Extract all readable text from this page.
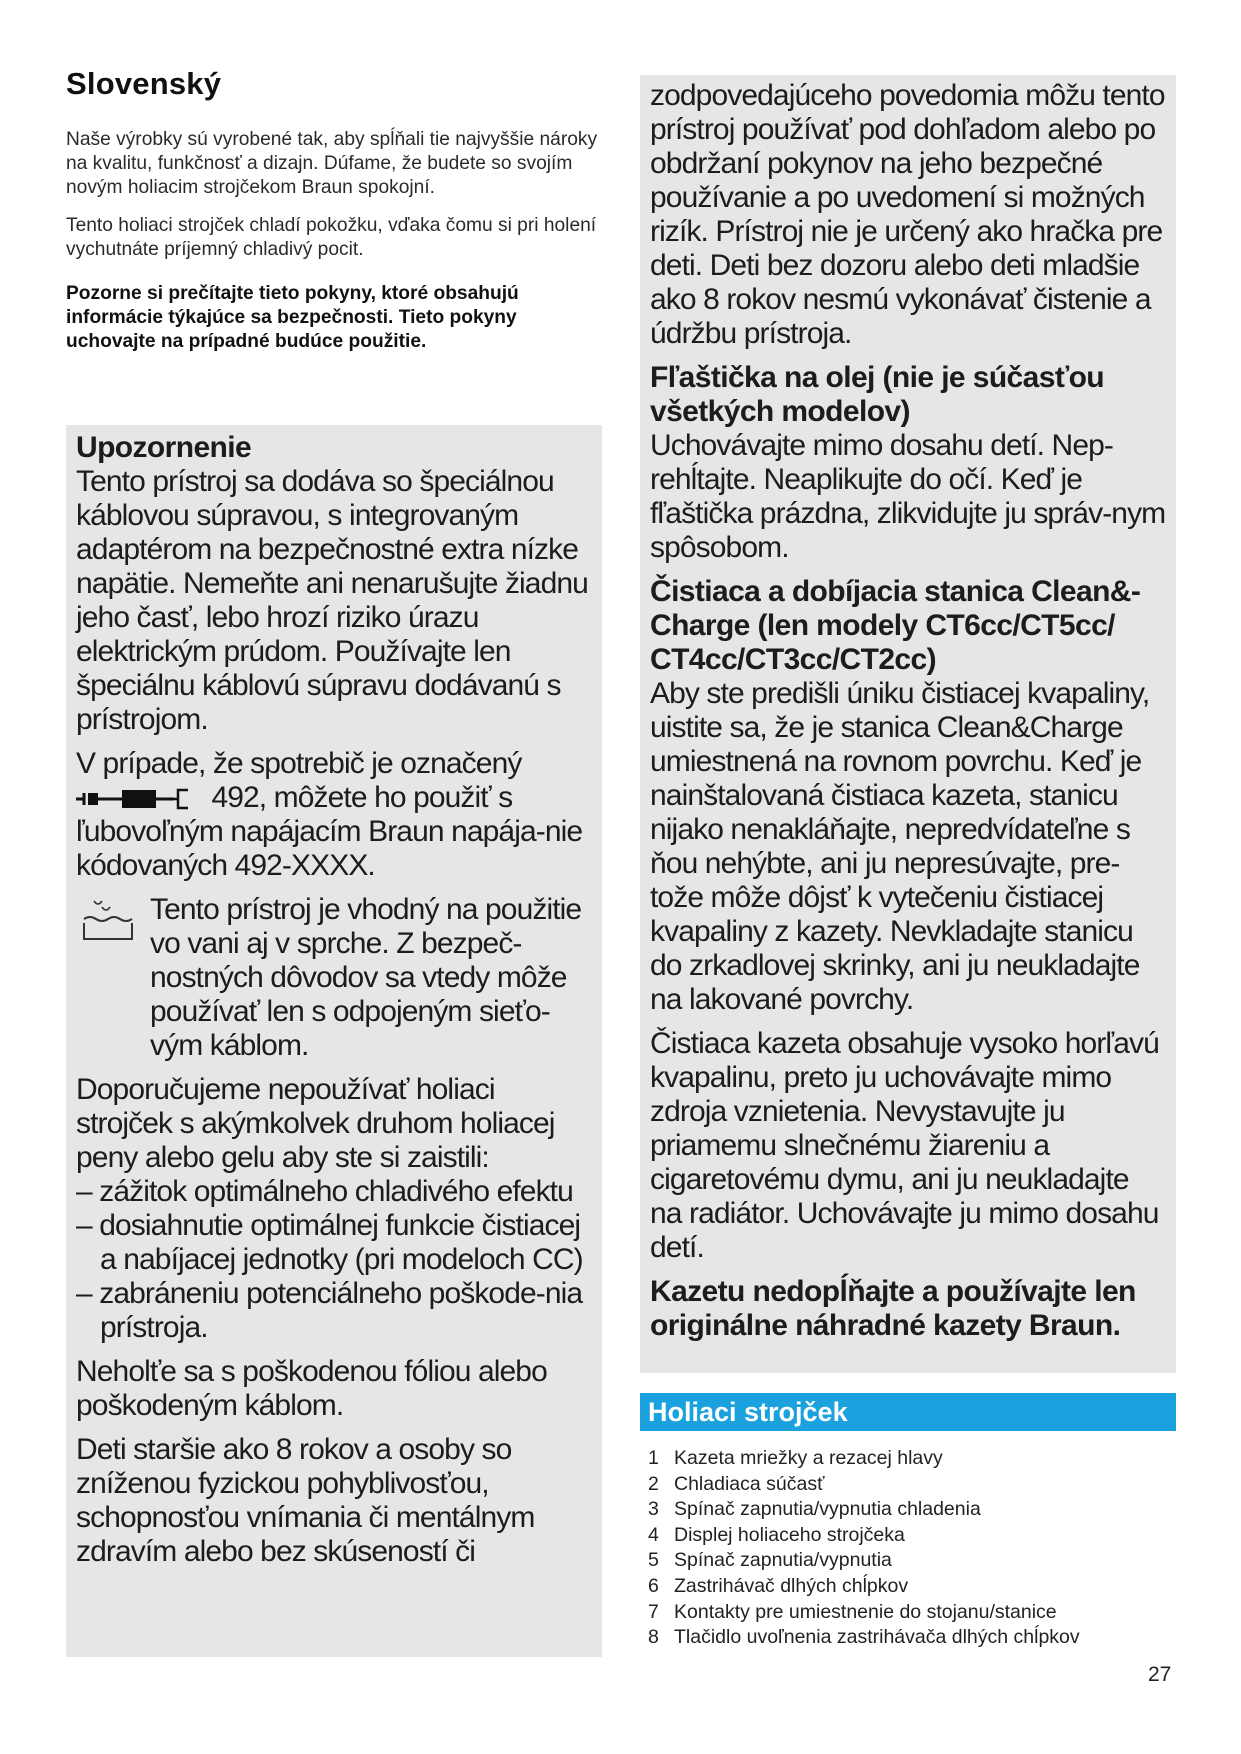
Slovenský

Naše výrobky sú vyrobené tak, aby spĺňali tie najvyššie nároky na kvalitu, funkčnosť a dizajn. Dúfame, že budete so svojím novým holiacim strojčekom Braun spokojní.

Tento holiaci strojček chladí pokožku, vďaka čomu si pri holení vychutnáte príjemný chladivý pocit.

Pozorne si prečítajte tieto pokyny, ktoré obsahujú informácie týkajúce sa bezpečnosti. Tieto pokyny uchovajte na prípadné budúce použitie.

Upozornenie

Tento prístroj sa dodáva so špeciálnou káblovou súpravou, s integrovaným adaptérom na bezpečnostné extra nízke napätie. Nemeňte ani nenarušujte žiadnu jeho časť, lebo hrozí riziko úrazu elektrickým prúdom. Používajte len špeciálnu káblovú súpravu dodávanú s prístrojom.

V prípade, že spotrebič je označený  492, môžete ho použiť s ľubovoľným napájacím Braun napája-nie kódovaných 492-XXXX.

Tento prístroj je vhodný na použitie vo vani aj v sprche. Z bezpeč-nostných dôvodov sa vtedy môže používať len s odpojeným sieťo-vým káblom.

Doporučujeme nepoužívať holiaci strojček s akýmkolvek druhom holiacej peny alebo gelu aby ste si zaistili:

– zážitok optimálneho chladivého efektu
– dosiahnutie optimálnej funkcie čistiacej a nabíjacej jednotky (pri modeloch CC)
– zabráneniu potenciálneho poškode-nia prístroja.

Neholťe sa s poškodenou fóliou alebo poškodeným káblom.

Deti staršie ako 8 rokov a osoby so zníženou fyzickou pohyblivosťou, schopnosťou vnímania či mentálnym zdravím alebo bez skúseností či

zodpovedajúceho povedomia môžu tento prístroj používať pod dohľadom alebo po obdržaní pokynov na jeho bezpečné používanie a po uvedomení si možných rizík. Prístroj nie je určený ako hračka pre deti. Deti bez dozoru alebo deti mladšie ako 8 rokov nesmú vykonávať čistenie a údržbu prístroja.

Fľaštička na olej (nie je súčasťou všetkých modelov)

Uchovávajte mimo dosahu detí. Nep-rehĺtajte. Neaplikujte do očí. Keď je fľaštička prázdna, zlikvidujte ju správ-nym spôsobom.

Čistiaca a dobíjacia stanica Clean&-Charge (len modely CT6cc/CT5cc/ CT4cc/CT3cc/CT2cc)

Aby ste predišli úniku čistiacej kvapaliny, uistite sa, že je stanica Clean&Charge umiestnená na rovnom povrchu. Keď je nainštalovaná čistiaca kazeta, stanicu nijako nenakláňajte, nepredvídateľne s ňou nehýbte, ani ju nepresúvajte, pre-tože môže dôjsť k vytečeniu čistiacej kvapaliny z kazety. Nevkladajte stanicu do zrkadlovej skrinky, ani ju neukladajte na lakované povrchy.

Čistiaca kazeta obsahuje vysoko horľavú kvapalinu, preto ju uchovávajte mimo zdroja vznietenia. Nevystavujte ju priamemu slnečnému žiareniu a cigaretovému dymu, ani ju neukladajte na radiátor. Uchovávajte ju mimo dosahu detí.

Kazetu nedopĺňajte a používajte len originálne náhradné kazety Braun.
Holiaci strojček
1 Kazeta mriežky a rezacej hlavy
2 Chladiaca súčasť
3 Spínač zapnutia/vypnutia chladenia
4 Displej holiaceho strojčeka
5 Spínač zapnutia/vypnutia
6 Zastrihávač dlhých chĺpkov
7 Kontakty pre umiestnenie do stojanu/stanice
8 Tlačidlo uvoľnenia zastrihávača dlhých chĺpkov
27
